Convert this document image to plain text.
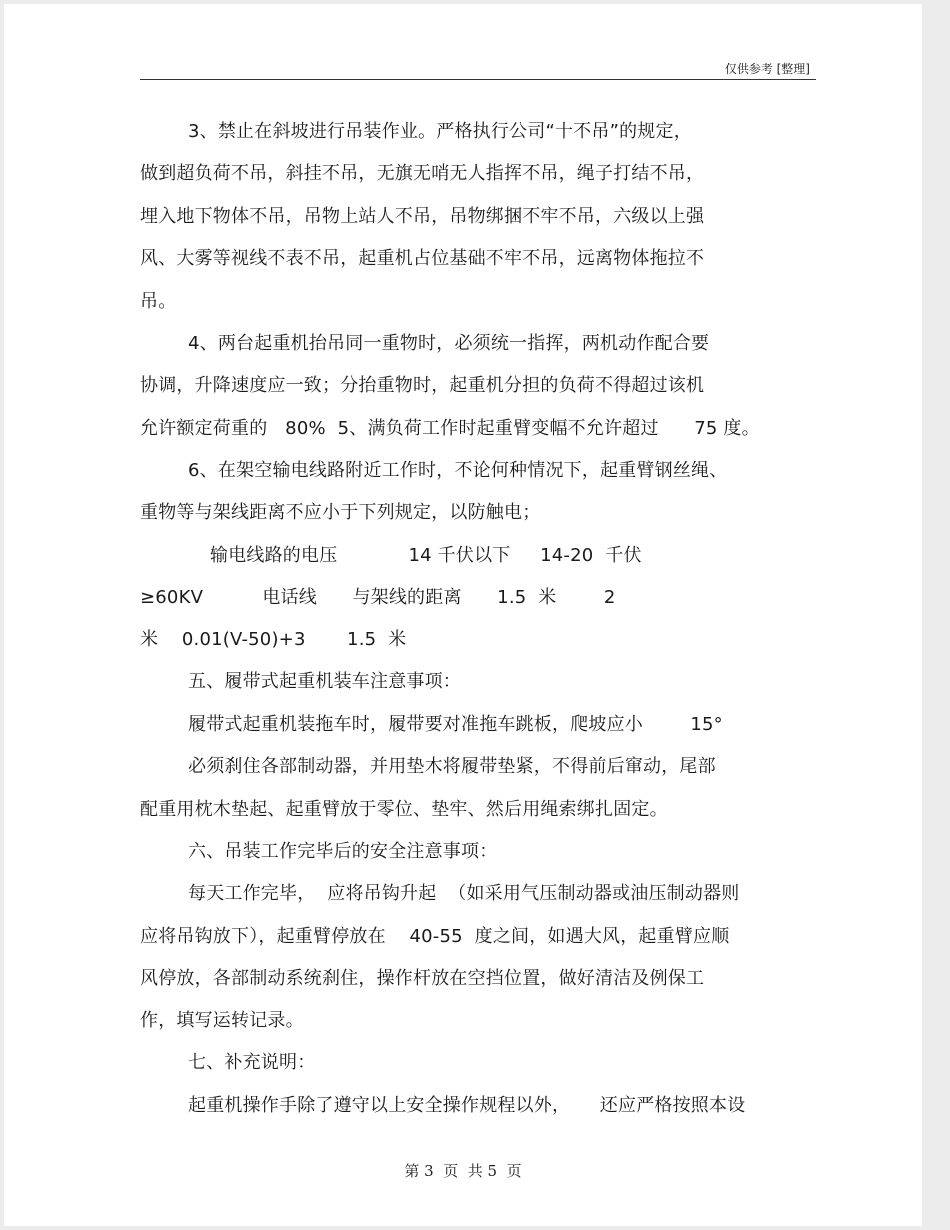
仅供参考 [整理]
3、禁止在斜坡进行吊装作业。严格执行公司“十不吊”的规定，
做到超负荷不吊，斜挂不吊，无旗无哨无人指挥不吊，绳子打结不吊，
埋入地下物体不吊，吊物上站人不吊，吊物绑捆不牢不吊，六级以上强
风、大雾等视线不表不吊，起重机占位基础不牢不吊，远离物体拖拉不
吊。
4、两台起重机抬吊同一重物时，必须统一指挥，两机动作配合要
协调，升降速度应一致；分抬重物时，起重机分担的负荷不得超过该机
允许额定荷重的   80%  5、满负荷工作时起重臂变幅不允许超过      75 度。
6、在架空输电线路附近工作时，不论何种情况下，起重臂钢丝绳、
重物等与架线距离不应小于下列规定，以防触电；
输电线路的电压            14 千伏以下     14-20  千伏
≥60KV          电话线      与架线的距离      1.5  米        2
米    0.01(V-50)+3       1.5  米
五、履带式起重机装车注意事项：
履带式起重机装拖车时，履带要对准拖车跳板，爬坡应小        15°
必须刹住各部制动器，并用垫木将履带垫紧，不得前后窜动，尾部
配重用枕木垫起、起重臂放于零位、垫牢、然后用绳索绑扎固定。
六、吊装工作完毕后的安全注意事项：
每天工作完毕，  应将吊钩升起  （如采用气压制动器或油压制动器则
应将吊钩放下），起重臂停放在    40-55  度之间，如遇大风，起重臂应顺
风停放，各部制动系统刹住，操作杆放在空挡位置，做好清洁及例保工
作，填写运转记录。
七、补充说明：
起重机操作手除了遵守以上安全操作规程以外，     还应严格按照本设
第 3  页  共 5  页
